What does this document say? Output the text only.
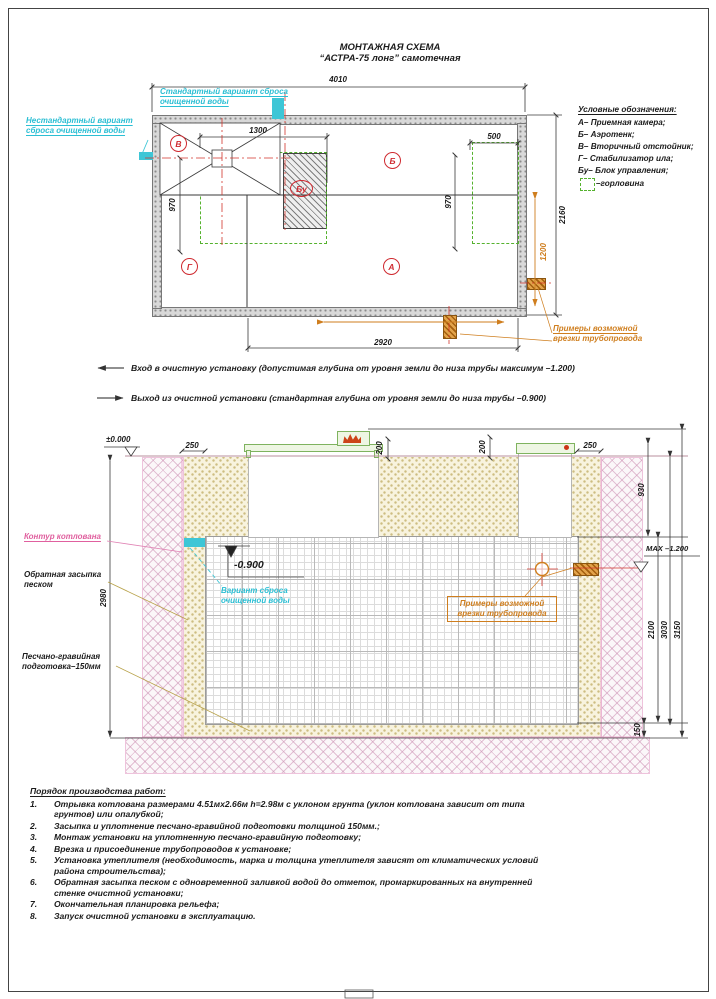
МОНТАЖНАЯ СХЕМА
“АСТРА-75 лонг” самотечная
Условные обозначения:
А– Приемная камера;
Б– Аэротенк;
В– Вторичный отстойник;
Г– Стабилизатор ила;
Бу– Блок управления;
–горловина
Стандартный вариант сброса очищенной воды
Нестандартный вариант сброса очищенной воды
В
Бу
Б
А
Г
4010
1300
500
970	970
2160
1200
2920
Примеры возможной
врезки трубопровода
Вход в очистную установку (допустимая глубина от уровня земли до низа трубы максимум –1.200)
Выход из очистной установки (стандартная глубина от уровня земли до низа трубы –0.900)
±0.000
250	250
200	200
930
2980
2100 3030 3150
150
Контур котлована
Обратная засыпка песком
Песчано-гравийная подготовка–150мм
-0.900
Вариант сброса
очищенной воды
MAX –1.200
Примеры возможной
врезки трубопровода
Порядок производства работ:
1.	Отрывка котлована размерами 4.51мх2.66м h=2.98м с уклоном грунта (уклон котлована зависит от типа грунтов) или опалубкой;
2.	Засыпка и уплотнение песчано-гравийной подготовки толщиной 150мм.;
3.	Монтаж установки на уплотненную песчано-гравийную подготовку;
4.	Врезка и присоединение трубопроводов к установке;
5.	Установка утеплителя (необходимость, марка и толщина утеплителя зависят от климатических условий района строительства);
6.	Обратная засыпка песком с одновременной заливкой водой до отметок, промаркированных на внутренней стенке очистной установки;
7.	Окончательная планировка рельефа;
8.	Запуск очистной установки в эксплуатацию.
